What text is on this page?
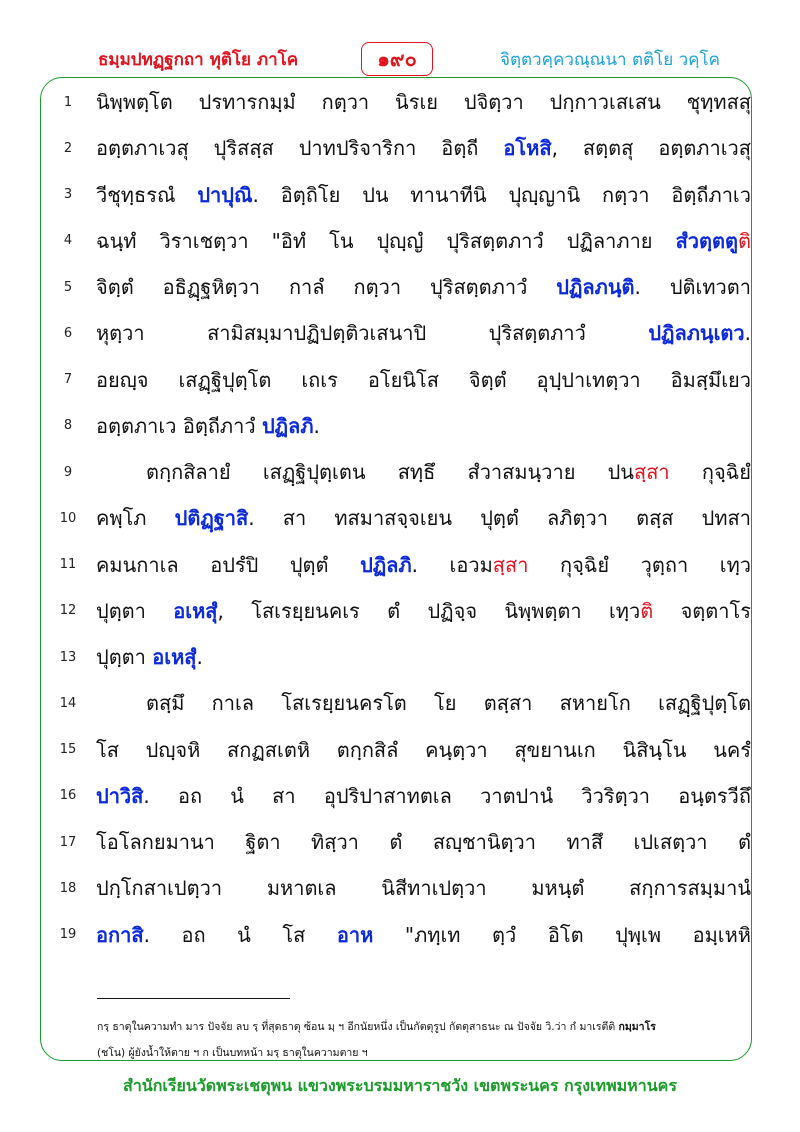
ธมฺมปทฏฺฐกถา ทุติโย ภาโค	๑๙๐	จิตฺตวคฺควณฺณนา ตติโย วคฺโค
1	นิพฺพตฺโต ปรทารกมฺมํ กตฺวา นิรเย ปจิตฺวา ปกฺกาวเสเสน ชุทฺทสสุ
2	อตฺตภาเวสุ ปุริสสฺส ปาทปริจาริกา อิตฺถี อโหสิ, สตฺตสุ อตฺตภาเวสุ
3	วีชุทฺธรณํ ปาปุณิ. อิตฺถิโย ปน ทานาทีนิ ปุญฺญานิ กตฺวา อิตฺถีภาเว
4	ฉนฺทํ วิราเชตฺวา "อิทํ โน ปุญฺญํ ปุริสตฺตภาวํ ปฏิลาภาย สํวตฺตตูติ
5	จิตฺตํ อธิฏฺฐหิตฺวา กาลํ กตฺวา ปุริสตฺตภาวํ ปฏิลภนฺติ. ปติเทวตา
6	หุตฺวา สามิสมฺมาปฏิปตฺติวเสนาปิ ปุริสตฺตภาวํ ปฏิลภนฺเตว.
7	อยญฺจ เสฏฺฐิปุตฺโต เถเร อโยนิโส จิตฺตํ อุปฺปาเทตฺวา อิมสฺมึเยว
8	อตฺตภาเว อิตฺถีภาวํ ปฏิลภิ.
9	ตกฺกสิลายํ เสฏฺฐิปุตฺเตน สทฺธึ สํวาสมนฺวาย ปนสฺสา กุจฺฉิยํ
10 คพฺโภ ปติฏฺฐาสิ. สา ทสมาสจฺจเยน ปุตฺตํ ลภิตฺวา ตสฺส ปทสา
11 คมนกาเล อปรํปิ ปุตฺตํ ปฏิลภิ. เอวมสฺสา กุจฺฉิยํ วุตฺถา เทฺว
12 ปุตฺตา อเหสุํ, โสเรยฺยนคเร ตํ ปฏิจฺจ นิพฺพตฺตา เทฺวติ จตฺตาโร
13 ปุตฺตา อเหสุํ.
14	ตสฺมึ กาเล โสเรยฺยนครโต โย ตสฺสา สหายโก เสฏฺฐิปุตฺโต
15 โส ปญฺจหิ สกฏสเตหิ ตกฺกสิลํ คนฺตฺวา สุขยานเก นิสินฺโน นครํ
16 ปาวิสิ. อถ นํ สา อุปริปาสาทตเล วาตปานํ วิวริตฺวา อนฺตรวีถึ
17 โอโลกยมานา ฐิตา ทิสฺวา ตํ สญฺชานิตฺวา ทาสึ เปเสตฺวา ตํ
18 ปกฺโกสาเปตฺวา มหาตเล นิสีทาเปตฺวา มหนฺตํ สกฺการสมฺมานํ
19 อกาสิ. อถ นํ โส อาห "ภทฺเท ตฺวํ อิโต ปุพฺเพ อมฺเหหิ
กรฺ ธาตุในความทำ มาร ปัจจัย ลบ รฺ ที่สุดธาตุ ซ้อน มฺ ฯ อีกนัยหนึ่ง เป็นกัตตุรูป กัตตุสาธนะ ณ ปัจจัย วิ.ว่า กํ มาเรตีติ กมฺมาโร
(ชโน) ผู้ยังน้ำให้ตาย ฯ ก เป็นบทหน้า มรฺ ธาตุในความตาย ฯ
สำนักเรียนวัดพระเชตุพน แขวงพระบรมมหาราชวัง เขตพระนคร กรุงเทพมหานคร
